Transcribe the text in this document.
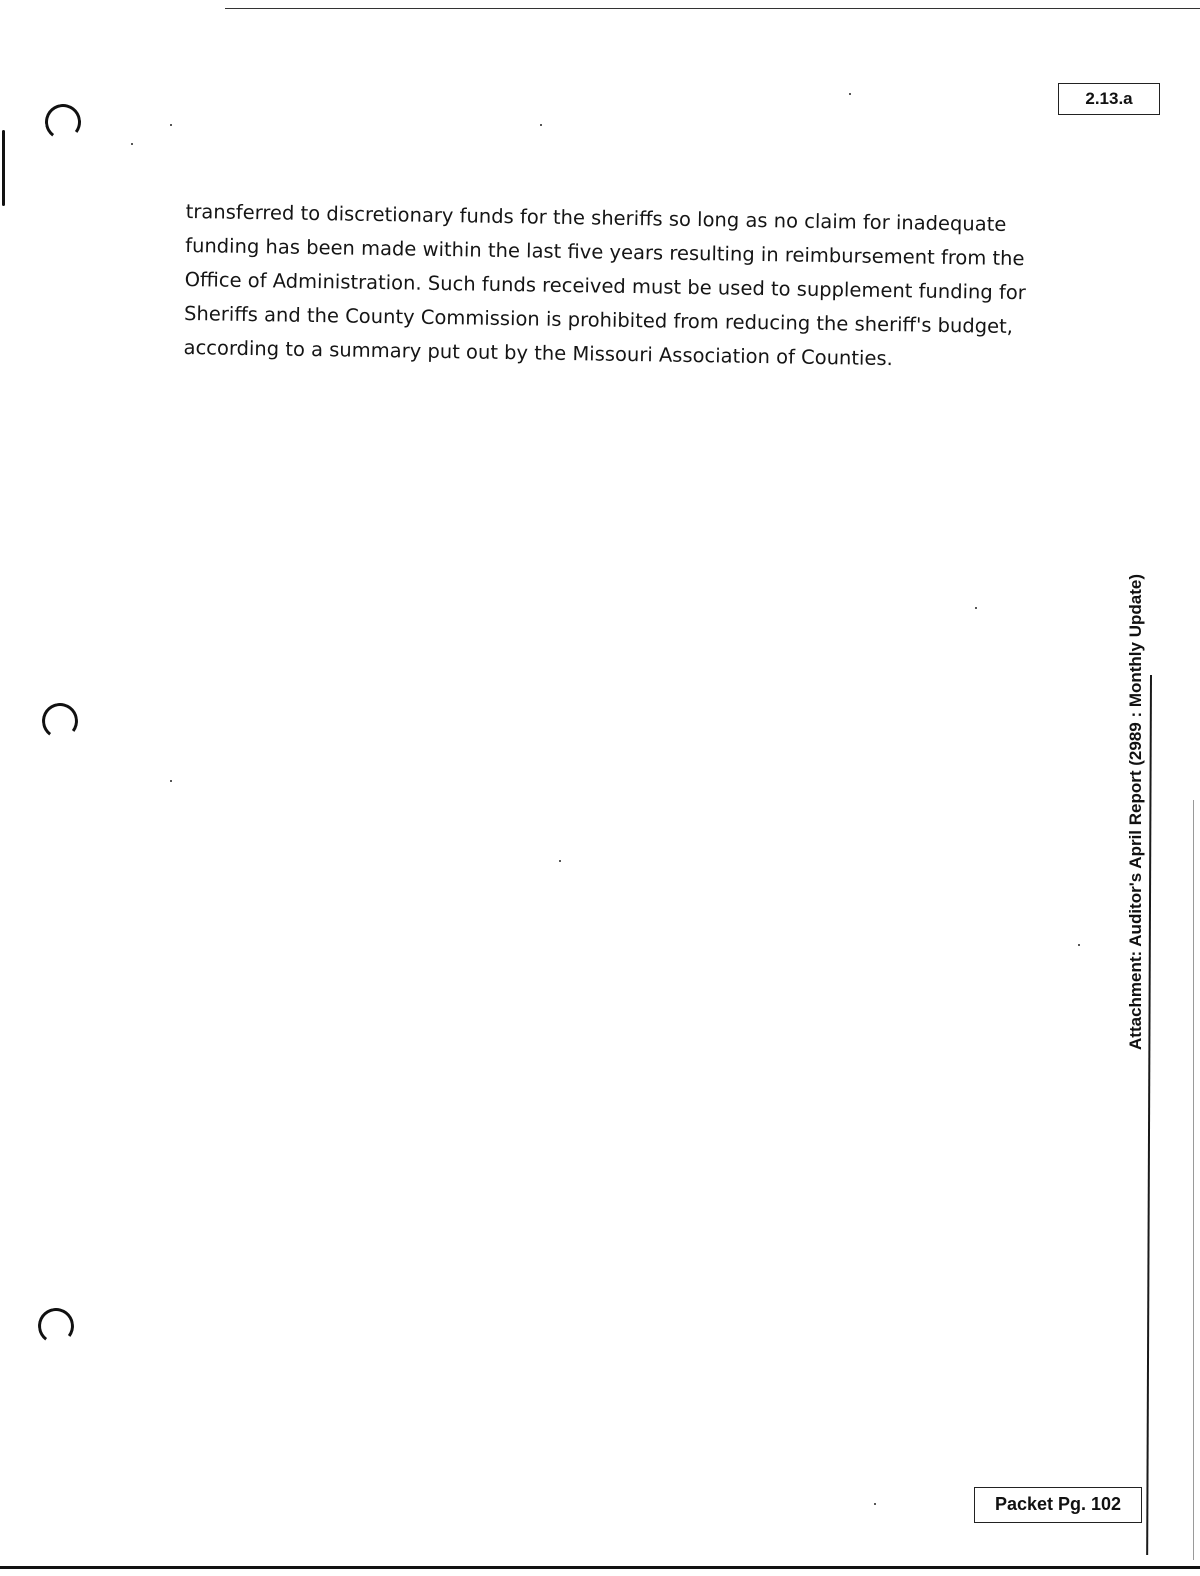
2.13.a
transferred to discretionary funds for the sheriffs so long as no claim for inadequate
funding has been made within the last five years resulting in reimbursement from the
Office of Administration. Such funds received must be used to supplement funding for
Sheriffs and the County Commission is prohibited from reducing the sheriff's budget,
according to a summary put out by the Missouri Association of Counties.
Attachment: Auditor's April Report (2989 : Monthly Update)
Packet Pg. 102
